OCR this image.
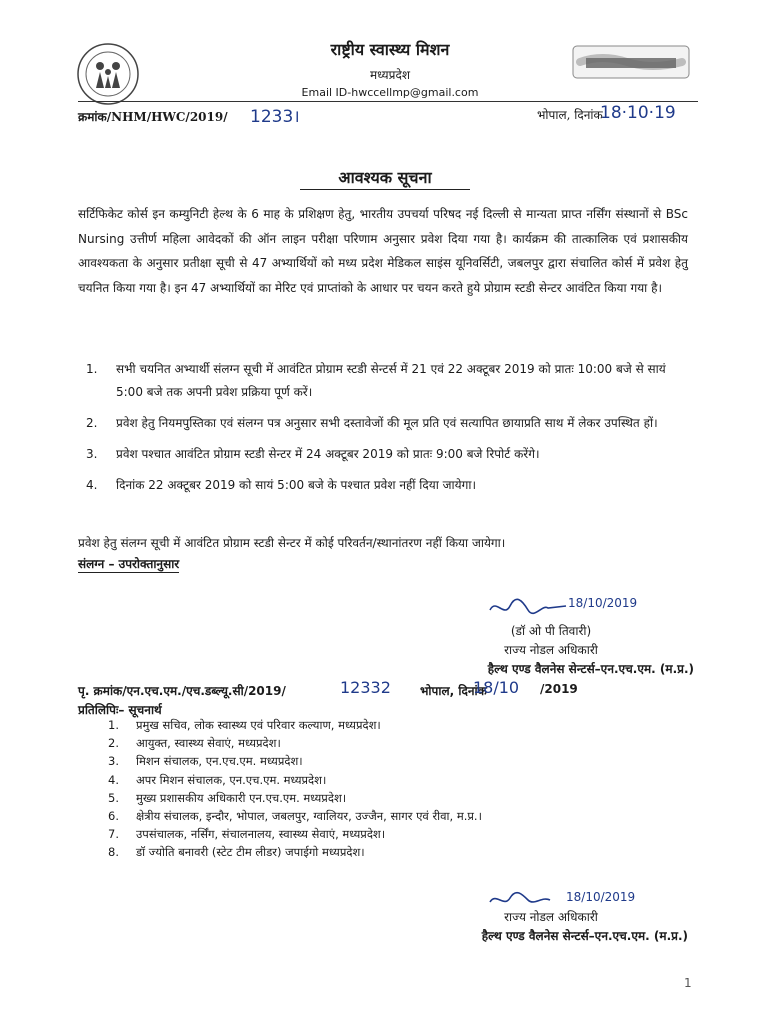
राष्ट्रीय स्वास्थ्य मिशन
मध्यप्रदेश
Email ID-hwccellmp@gmail.com
क्रमांक/NHM/HWC/2019/ 1233।	भोपाल, दिनांक
18·10·19
आवश्यक सूचना
सर्टिफिकेट कोर्स इन कम्युनिटी हेल्थ के 6 माह के प्रशिक्षण हेतु, भारतीय उपचर्या परिषद नई दिल्ली से मान्यता प्राप्त नर्सिंग संस्थानों से BSc Nursing उत्तीर्ण महिला आवेदकों की ऑन लाइन परीक्षा परिणाम अनुसार प्रवेश दिया गया है। कार्यक्रम की तात्कालिक एवं प्रशासकीय आवश्यकता के अनुसार प्रतीक्षा सूची से 47 अभ्यार्थियों को मध्य प्रदेश मेडिकल साइंस यूनिवर्सिटी, जबलपुर द्वारा संचालित कोर्स में प्रवेश हेतु चयनित किया गया है। इन 47 अभ्यार्थियों का मेरिट एवं प्राप्तांको के आधार पर चयन करते हुये प्रोग्राम स्टडी सेन्टर आवंटित किया गया है।
1.	सभी चयनित अभ्यार्थी संलग्न सूची में आवंटित प्रोग्राम स्टडी सेन्टर्स में 21 एवं 22 अक्टूबर 2019 को प्रातः 10:00 बजे से सायं 5:00 बजे तक अपनी प्रवेश प्रक्रिया पूर्ण करें।
2.	प्रवेश हेतु नियमपुस्तिका एवं संलग्न पत्र अनुसार सभी दस्तावेजों की मूल प्रति एवं सत्यापित छायाप्रति साथ में लेकर उपस्थित हों।
3.	प्रवेश पश्चात आवंटित प्रोग्राम स्टडी सेन्टर में 24 अक्टूबर 2019 को प्रातः 9:00 बजे रिपोर्ट करेंगे।
4.	दिनांक 22 अक्टूबर 2019 को सायं 5:00 बजे के पश्चात प्रवेश नहीं दिया जायेगा।
प्रवेश हेतु संलग्न सूची में आवंटित प्रोग्राम स्टडी सेन्टर में कोई परिवर्तन/स्थानांतरण नहीं किया जायेगा।
संलग्न – उपरोक्तानुसार
18/10/2019
(डॉ ओ पी तिवारी)
राज्य नोडल अधिकारी
हैल्थ एण्ड वैलनेस सेन्टर्स–एन.एच.एम. (म.प्र.)
पृ. क्रमांक/एन.एच.एम./एच.डब्ल्यू.सी/2019/	12332 भोपाल, दिनांक
18/10 /2019
प्रतिलिपिः– सूचनार्थ
1.	प्रमुख सचिव, लोक स्वास्थ्य एवं परिवार कल्याण, मध्यप्रदेश।
2.	आयुक्त, स्वास्थ्य सेवाएं, मध्यप्रदेश।
3.	मिशन संचालक, एन.एच.एम. मध्यप्रदेश।
4.	अपर मिशन संचालक, एन.एच.एम. मध्यप्रदेश।
5.	मुख्य प्रशासकीय अधिकारी एन.एच.एम. मध्यप्रदेश।
6.	क्षेत्रीय संचालक, इन्दौर, भोपाल, जबलपुर, ग्वालियर, उज्जैन, सागर एवं रीवा, म.प्र.।
7.	उपसंचालक, नर्सिंग, संचालनालय, स्वास्थ्य सेवाएं, मध्यप्रदेश।
8.	डॉ ज्योति बनावरी (स्टेट टीम लीडर) जपाईगो मध्यप्रदेश।
18/10/2019
राज्य नोडल अधिकारी
हैल्थ एण्ड वैलनेस सेन्टर्स–एन.एच.एम. (म.प्र.)
1
